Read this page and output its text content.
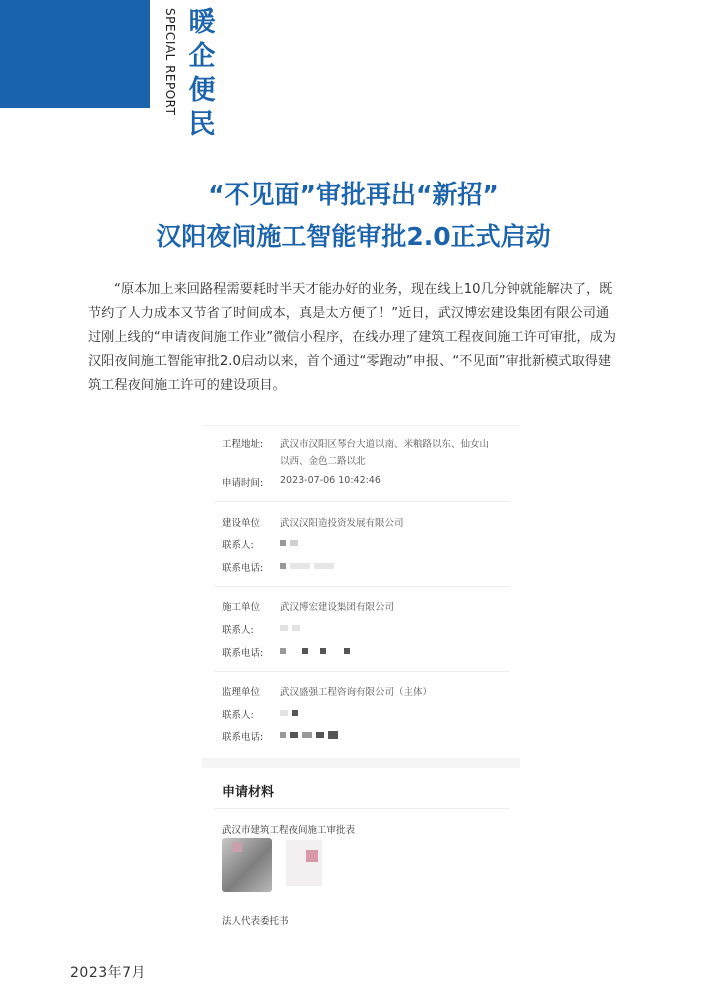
SPECIAL REPORT 暖
企
便
民
“不见面”审批再出“新招”
汉阳夜间施工智能审批2.0正式启动
“原本加上来回路程需要耗时半天才能办好的业务，现在线上10几分钟就能解决了，既节约了人力成本又节省了时间成本，真是太方便了！”近日，武汉博宏建设集团有限公司通过刚上线的“申请夜间施工作业”微信小程序，在线办理了建筑工程夜间施工许可审批，成为汉阳夜间施工智能审批2.0启动以来，首个通过“零跑动”申报、“不见面”审批新模式取得建筑工程夜间施工许可的建设项目。
工程地址:	武汉市汉阳区琴台大道以南、米粮路以东、仙女山以西、金色二路以北
申请时间:	2023-07-06 10:42:46
建设单位	武汉汉阳造投资发展有限公司
联系人:
联系电话:
施工单位	武汉博宏建设集团有限公司
联系人:
联系电话:
监理单位	武汉盛强工程咨询有限公司（主体）
联系人:
联系电话:
申请材料
武汉市建筑工程夜间施工审批表
法人代表委托书
2023年7月
